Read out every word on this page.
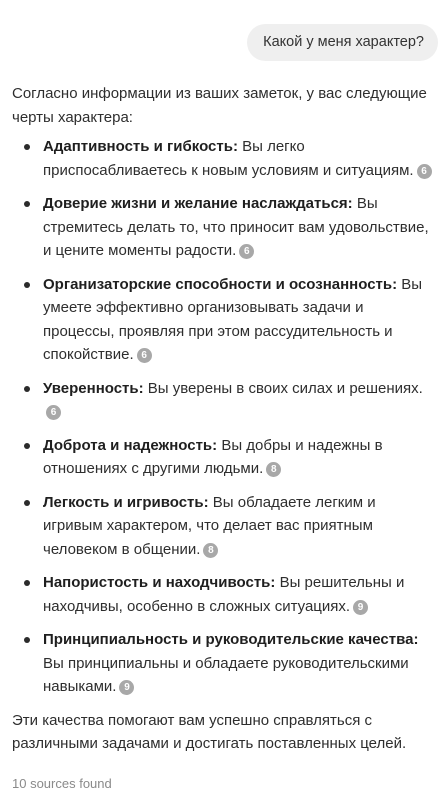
Какой у меня характер?

Согласно информации из ваших заметок, у вас следующие черты характера:

Адаптивность и гибкость: Вы легко приспосабливаетесь к новым условиям и ситуациям. 6
Доверие жизни и желание наслаждаться: Вы стремитесь делать то, что приносит вам удовольствие, и цените моменты радости. 6
Организаторские способности и осознанность: Вы умеете эффективно организовывать задачи и процессы, проявляя при этом рассудительность и спокойствие. 6
Уверенность: Вы уверены в своих силах и решениях.6
Доброта и надежность: Вы добры и надежны в отношениях с другими людьми. 8
Легкость и игривость: Вы обладаете легким и игривым характером, что делает вас приятным человеком в общении. 8
Напористость и находчивость: Вы решительны и находчивы, особенно в сложных ситуациях. 9
Принципиальность и руководительские качества: Вы принципиальны и обладаете руководительскими навыками. 9

Эти качества помогают вам успешно справляться с различными задачами и достигать поставленных целей.

10 sources found
